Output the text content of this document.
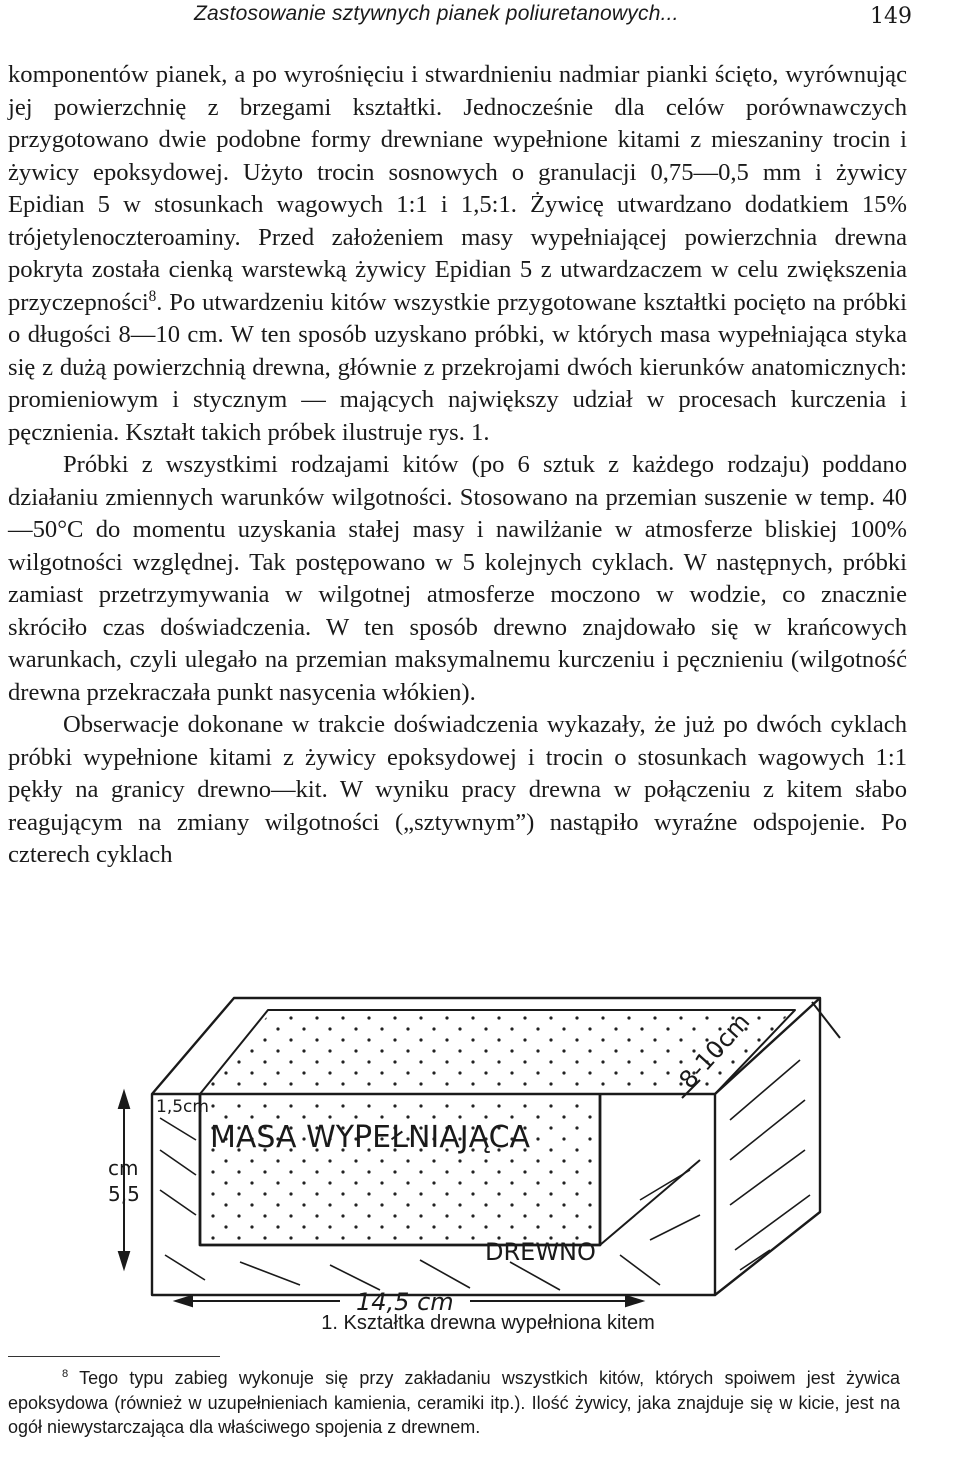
Zastosowanie sztywnych pianek poliuretanowych...	149

komponentów pianek, a po wyrośnięciu i stwardnieniu nadmiar pianki ścięto, wyrównując jej powierzchnię z brzegami kształtki. Jednocześnie dla celów porównawczych przygotowano dwie podobne formy drewniane wypełnione kitami z mieszaniny trocin i żywicy epoksydowej. Użyto trocin sosnowych o granulacji 0,75—0,5 mm i żywicy Epidian 5 w stosunkach wagowych 1:1 i 1,5:1. Żywicę utwardzano dodatkiem 15% trójetylenoczteroaminy. Przed założeniem masy wypełniającej powierzchnia drewna pokryta została cienką warstewką żywicy Epidian 5 z utwardzaczem w celu zwiększenia przyczepności$^8$. Po utwardzeniu kitów wszystkie przygotowane kształtki pocięto na próbki o długości 8—10 cm. W ten sposób uzyskano próbki, w których masa wypełniająca styka się z dużą powierzchnią drewna, głównie z przekrojami dwóch kierunków anatomicznych: promieniowym i stycznym — mających największy udział w procesach kurczenia i pęcznienia. Kształt takich próbek ilustruje rys. 1.

Próbki z wszystkimi rodzajami kitów (po 6 sztuk z każdego rodzaju) poddano działaniu zmiennych warunków wilgotności. Stosowano na przemian suszenie w temp. 40—50°C do momentu uzyskania stałej masy i nawilżanie w atmosferze bliskiej 100% wilgotności względnej. Tak postępowano w 5 kolejnych cyklach. W następnych, próbki zamiast przetrzymywania w wilgotnej atmosferze moczono w wodzie, co znacznie skróciło czas doświadczenia. W ten sposób drewno znajdowało się w krańcowych warunkach, czyli ulegało na przemian maksymalnemu kurczeniu i pęcznieniu (wilgotność drewna przekraczała punkt nasycenia włókien).

Obserwacje dokonane w trakcie doświadczenia wykazały, że już po dwóch cyklach próbki wypełnione kitami z żywicy epoksydowej i trocin o stosunkach wagowych 1:1 pękły na granicy drewno—kit. W wyniku pracy drewna w połączeniu z kitem słabo reagującym na zmiany wilgotności („sztywnym”) nastąpiło wyraźne odspojenie. Po czterech cyklach

MASA WYPEŁNIAJĄCA
DREWNO
8-10cm
1,5cm
cm
5,5
14,5 cm
1. Kształtka drewna wypełniona kitem
$^8$ Tego typu zabieg wykonuje się przy zakładaniu wszystkich kitów, których spoiwem jest żywica epoksydowa (również w uzupełnieniach kamienia, ceramiki itp.). Ilość żywicy, jaka znajduje się w kicie, jest na ogół niewystarczająca dla właściwego spojenia z drewnem.
